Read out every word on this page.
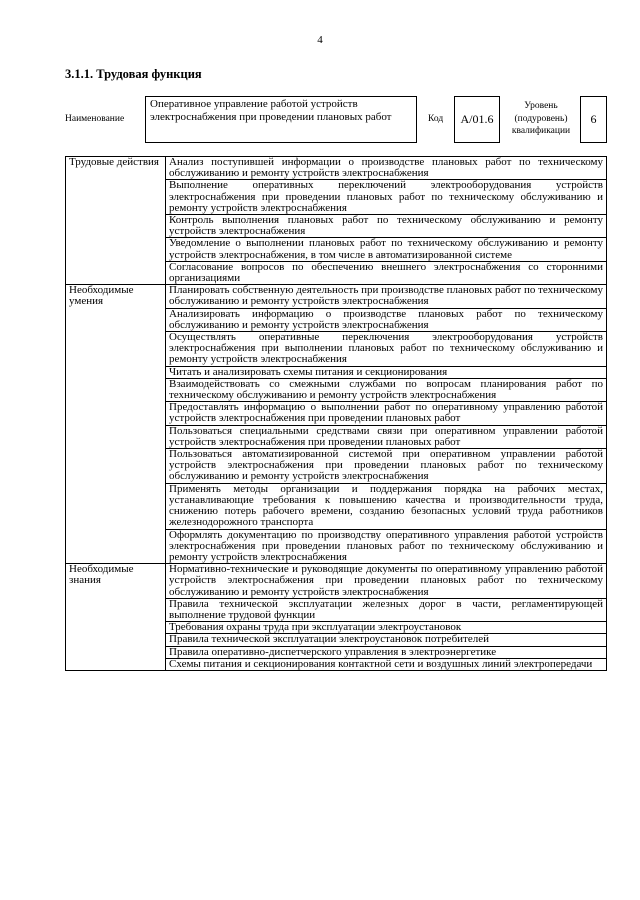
4
3.1.1. Трудовая функция
Наименование
Оперативное управление работой устройств электроснабжения при проведении плановых работ	Код	A/01.6
Уровень (подуровень) квалификации
6
Трудовые действия	Анализ поступившей информации о производстве плановых работ по техническому обслуживанию и ремонту устройств электроснабжения
	Выполнение оперативных переключений электрооборудования устройств электроснабжения при проведении плановых работ по техническому обслуживанию и ремонту устройств электроснабжения
	Контроль выполнения плановых работ по техническому обслуживанию и ремонту устройств электроснабжения
	Уведомление о выполнении плановых работ по техническому обслуживанию и ремонту устройств электроснабжения, в том числе в автоматизированной системе
	Согласование вопросов по обеспечению внешнего электроснабжения со сторонними организациями
Необходимые умения	Планировать собственную деятельность при производстве плановых работ по техническому обслуживанию и ремонту устройств электроснабжения
	Анализировать информацию о производстве плановых работ по техническому обслуживанию и ремонту устройств электроснабжения
	Осуществлять оперативные переключения электрооборудования устройств электроснабжения при выполнении плановых работ по техническому обслуживанию и ремонту устройств электроснабжения
	Читать и анализировать схемы питания и секционирования
	Взаимодействовать со смежными службами по вопросам планирования работ по техническому обслуживанию и ремонту устройств электроснабжения
	Предоставлять информацию о выполнении работ по оперативному управлению работой устройств электроснабжения при проведении плановых работ
	Пользоваться специальными средствами связи при оперативном управлении работой устройств электроснабжения при проведении плановых работ
	Пользоваться автоматизированной системой при оперативном управлении работой устройств электроснабжения при проведении плановых работ по техническому обслуживанию и ремонту устройств электроснабжения
	Применять методы организации и поддержания порядка на рабочих местах, устанавливающие требования к повышению качества и производительности труда, снижению потерь рабочего времени, созданию безопасных условий труда работников железнодорожного транспорта
	Оформлять документацию по производству оперативного управления работой устройств электроснабжения при проведении плановых работ по техническому обслуживанию и ремонту устройств электроснабжения
Необходимые знания	Нормативно-технические и руководящие документы по оперативному управлению работой устройств электроснабжения при проведении плановых работ по техническому обслуживанию и ремонту устройств электроснабжения
	Правила технической эксплуатации железных дорог в части, регламентирующей выполнение трудовой функции
	Требования охраны труда при эксплуатации электроустановок
	Правила технической эксплуатации электроустановок потребителей
	Правила оперативно-диспетчерского управления в электроэнергетике
	Схемы питания и секционирования контактной сети и воздушных линий электропередачи
